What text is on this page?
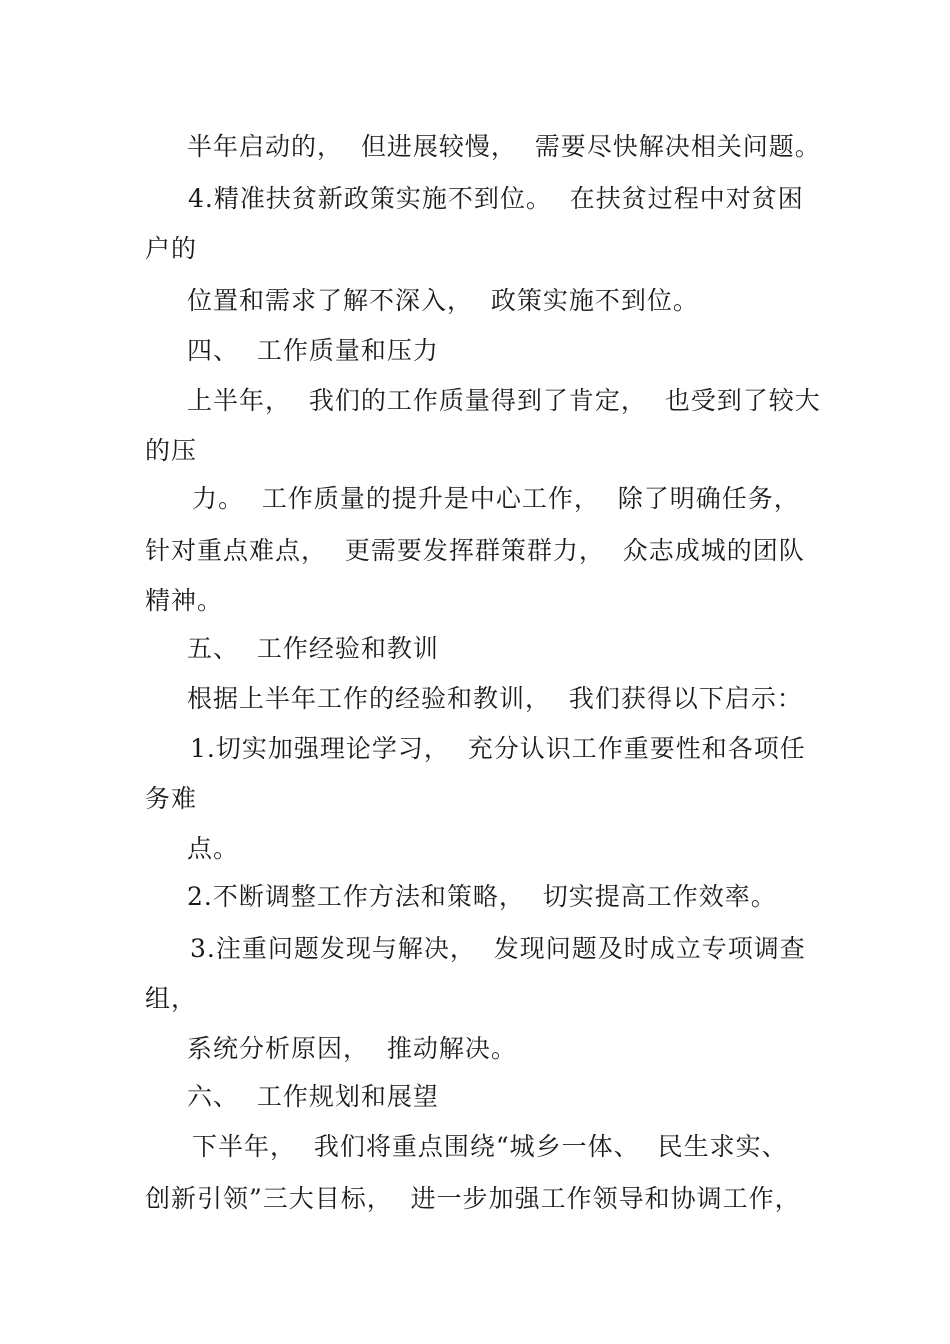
半年启动的，  但进展较慢，  需要尽快解决相关问题。
4.精准扶贫新政策实施不到位。  在扶贫过程中对贫困
户的
位置和需求了解不深入，  政策实施不到位。
四、  工作质量和压力
上半年，  我们的工作质量得到了肯定，  也受到了较大
的压
力。  工作质量的提升是中心工作，  除了明确任务，
针对重点难点，  更需要发挥群策群力，  众志成城的团队
精神。
五、  工作经验和教训
根据上半年工作的经验和教训，  我们获得以下启示：
1.切实加强理论学习，  充分认识工作重要性和各项任
务难
点。
2.不断调整工作方法和策略，  切实提高工作效率。
3.注重问题发现与解决，  发现问题及时成立专项调查
组，
系统分析原因，  推动解决。
六、  工作规划和展望
下半年，  我们将重点围绕“城乡一体、  民生求实、
创新引领”三大目标，  进一步加强工作领导和协调工作，
